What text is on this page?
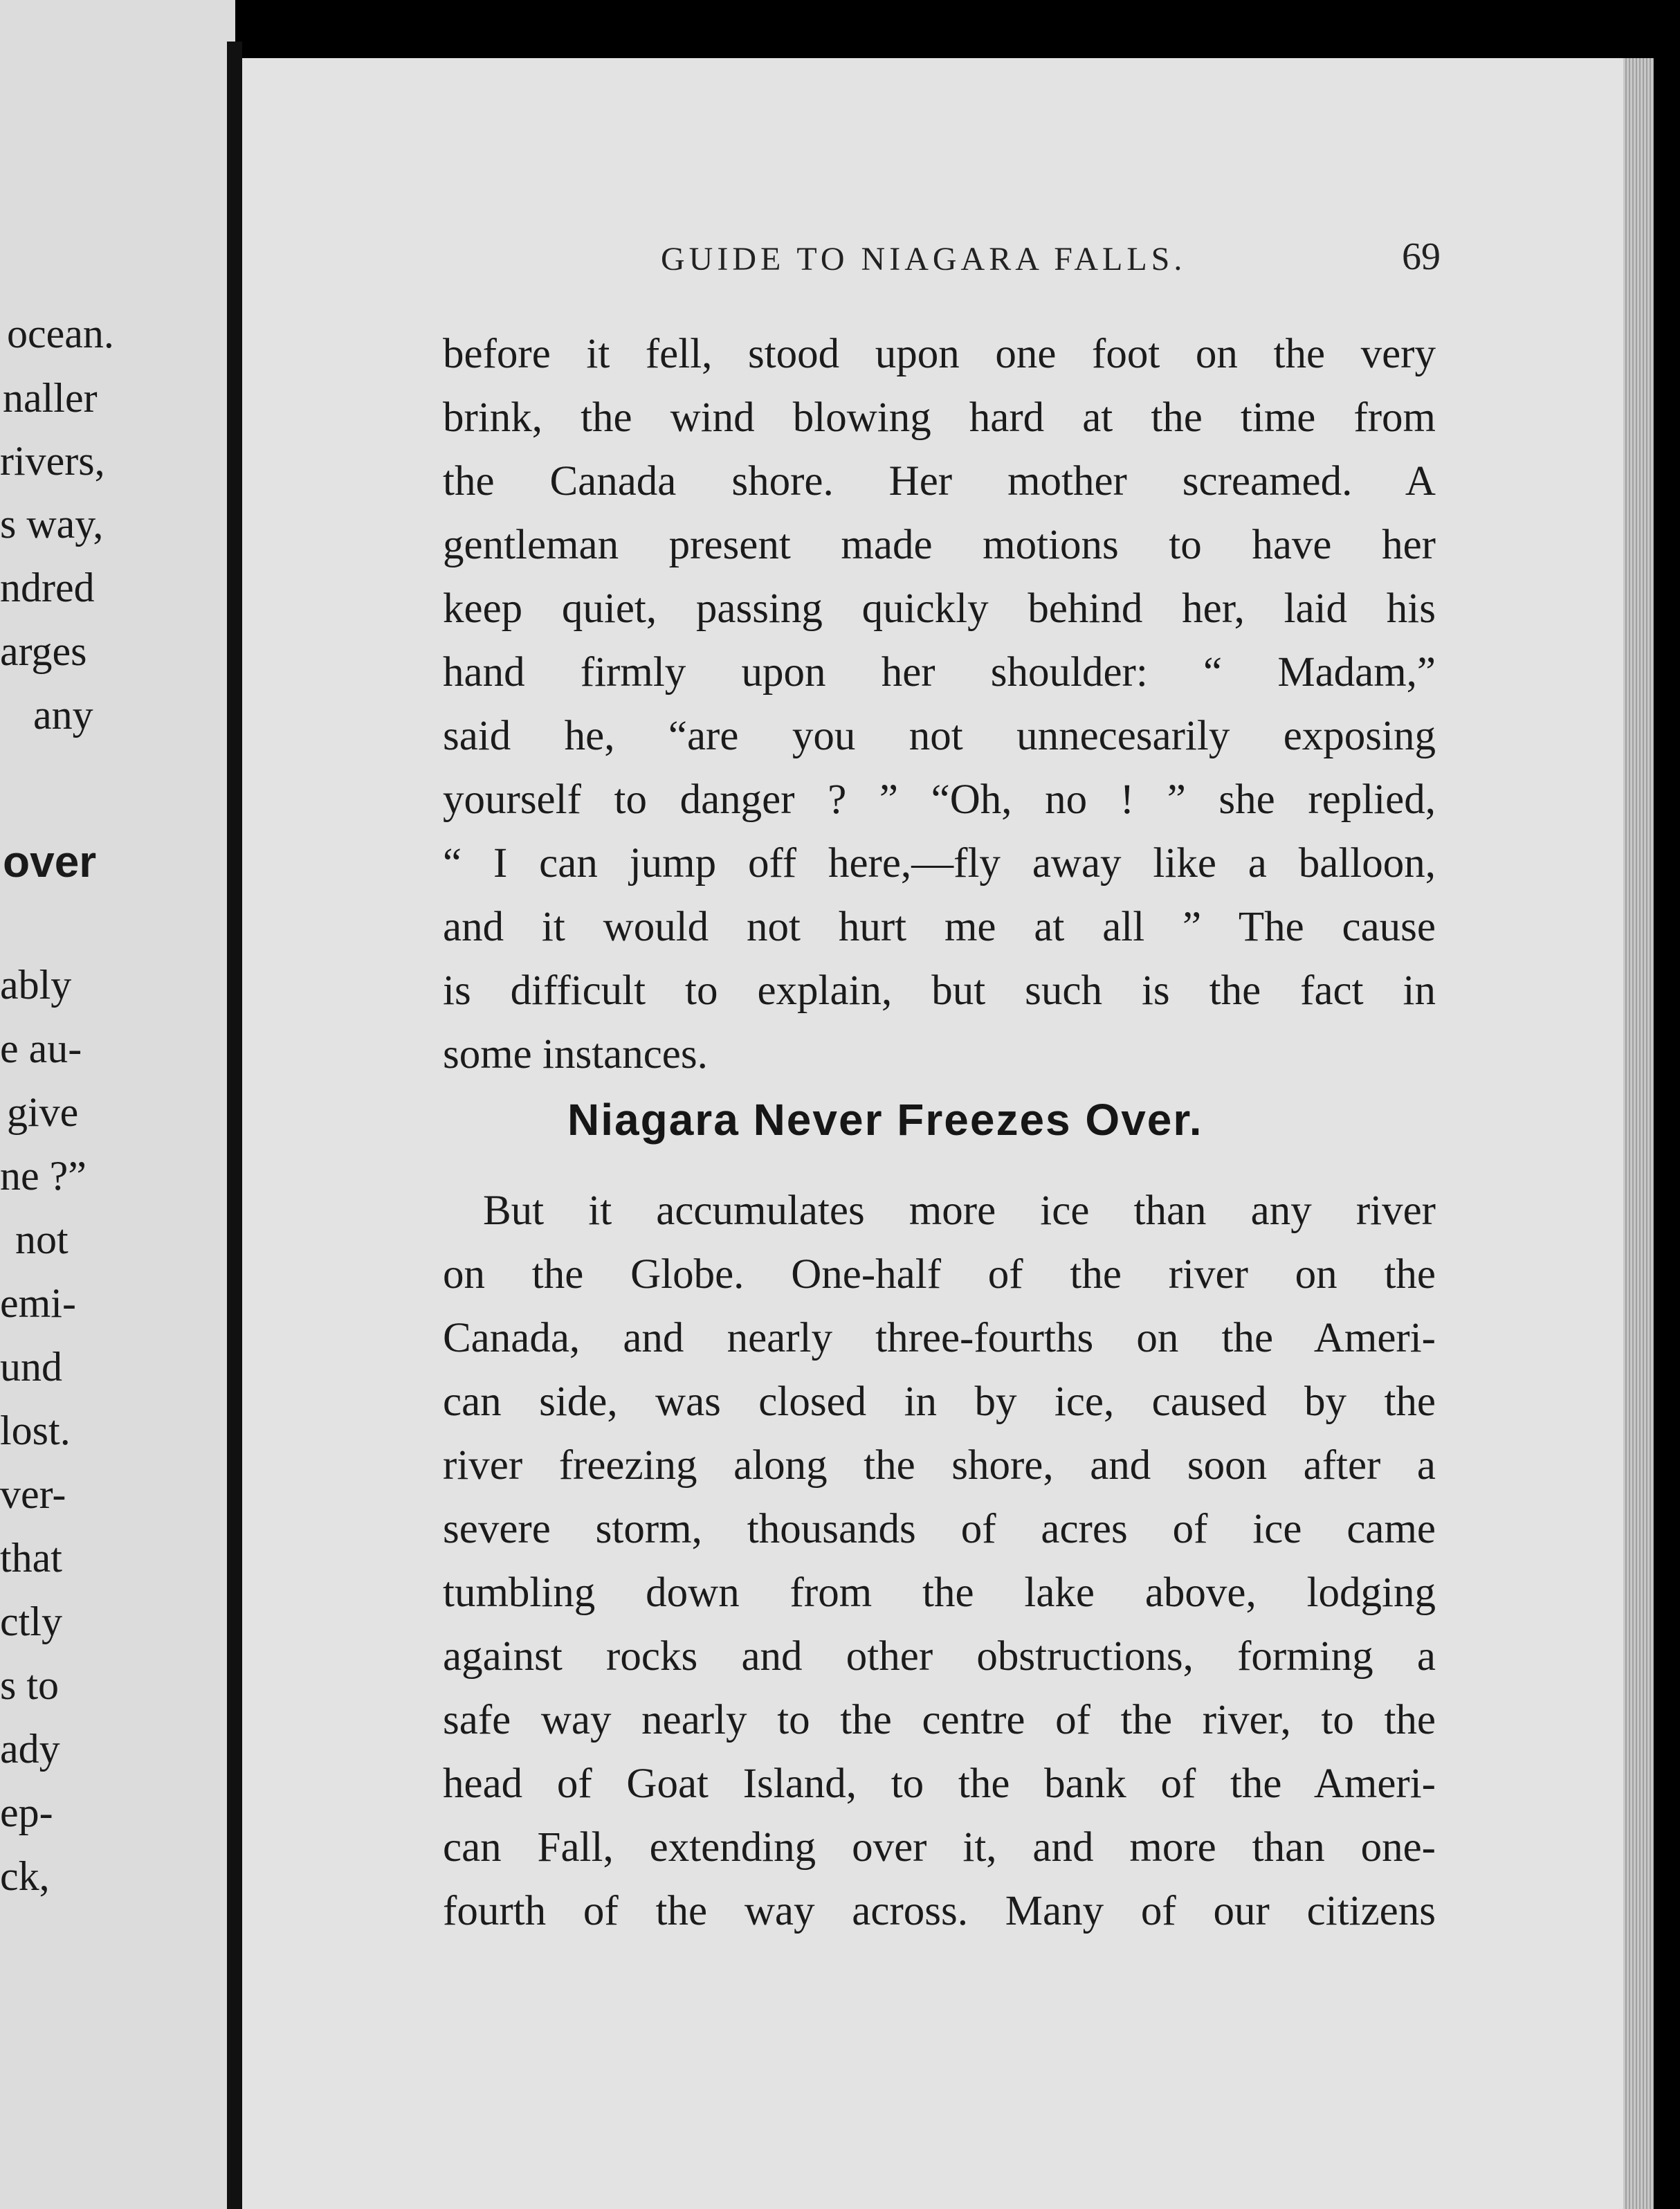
ocean.
naller
rivers,
s way,
ndred
arges
any
over
ably
e au-
give
ne ?”
not
emi-
und
lost.
ver-
that
ctly
s to
ady
ep-
ck,
GUIDE TO NIAGARA FALLS.	69
before it fell, stood upon one foot on the very
brink, the wind blowing hard at the time from
the Canada shore. Her mother screamed. A
gentleman present made motions to have her
keep quiet, passing quickly behind her, laid his
hand firmly upon her shoulder: “ Madam,”
said he, “are you not unnecesarily exposing
yourself to danger ? ” “Oh, no ! ” she replied,
“ I can jump off here,—fly away like a balloon,
and it would not hurt me at all ” The cause
is difficult to explain, but such is the fact in
some instances.
Niagara Never Freezes Over.
But it accumulates more ice than any river
on the Globe. One-half of the river on the
Canada, and nearly three-fourths on the Ameri-
can side, was closed in by ice, caused by the
river freezing along the shore, and soon after a
severe storm, thousands of acres of ice came
tumbling down from the lake above, lodging
against rocks and other obstructions, forming a
safe way nearly to the centre of the river, to the
head of Goat Island, to the bank of the Ameri-
can Fall, extending over it, and more than one-
fourth of the way across. Many of our citizens
